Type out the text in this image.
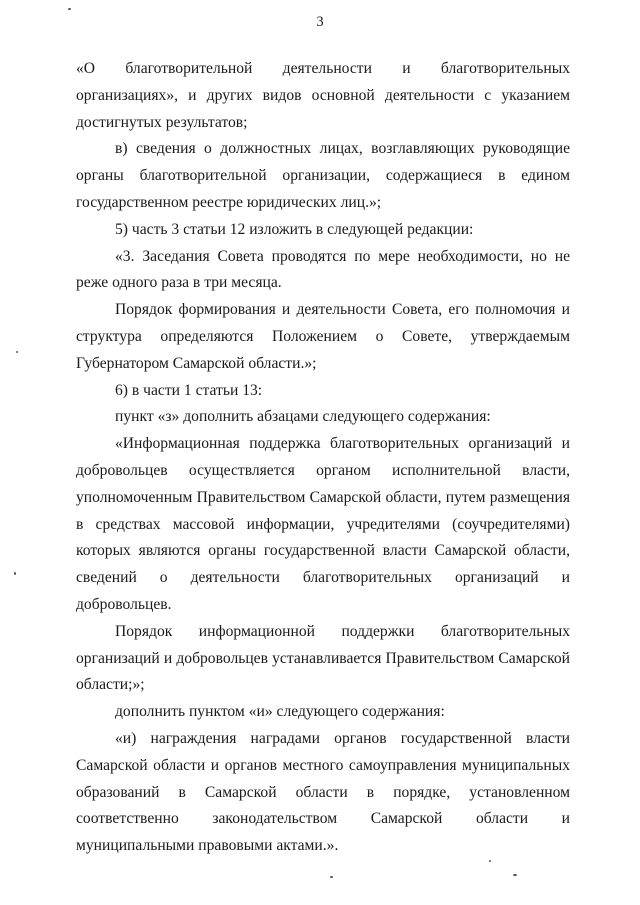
3

«О благотворительной деятельности и благотворительных организациях», и других видов основной деятельности с указанием достигнутых результатов;

в) сведения о должностных лицах, возглавляющих руководящие органы благотворительной организации, содержащиеся в едином государственном реестре юридических лиц.»;

5) часть 3 статьи 12 изложить в следующей редакции:

«3. Заседания Совета проводятся по мере необходимости, но не реже одного раза в три месяца.

Порядок формирования и деятельности Совета, его полномочия и структура определяются Положением о Совете, утверждаемым Губернатором Самарской области.»;

6) в части 1 статьи 13:

пункт «з» дополнить абзацами следующего содержания:

«Информационная поддержка благотворительных организаций и добровольцев осуществляется органом исполнительной власти, уполномоченным Правительством Самарской области, путем размещения в средствах массовой информации, учредителями (соучредителями) которых являются органы государственной власти Самарской области, сведений о деятельности благотворительных организаций и добровольцев.

Порядок информационной поддержки благотворительных организаций и добровольцев устанавливается Правительством Самарской области;»;

дополнить пунктом «и» следующего содержания:

«и) награждения наградами органов государственной власти Самарской области и органов местного самоуправления муниципальных образований в Самарской области в порядке, установленном соответственно законодательством Самарской области и муниципальными правовыми актами.».
